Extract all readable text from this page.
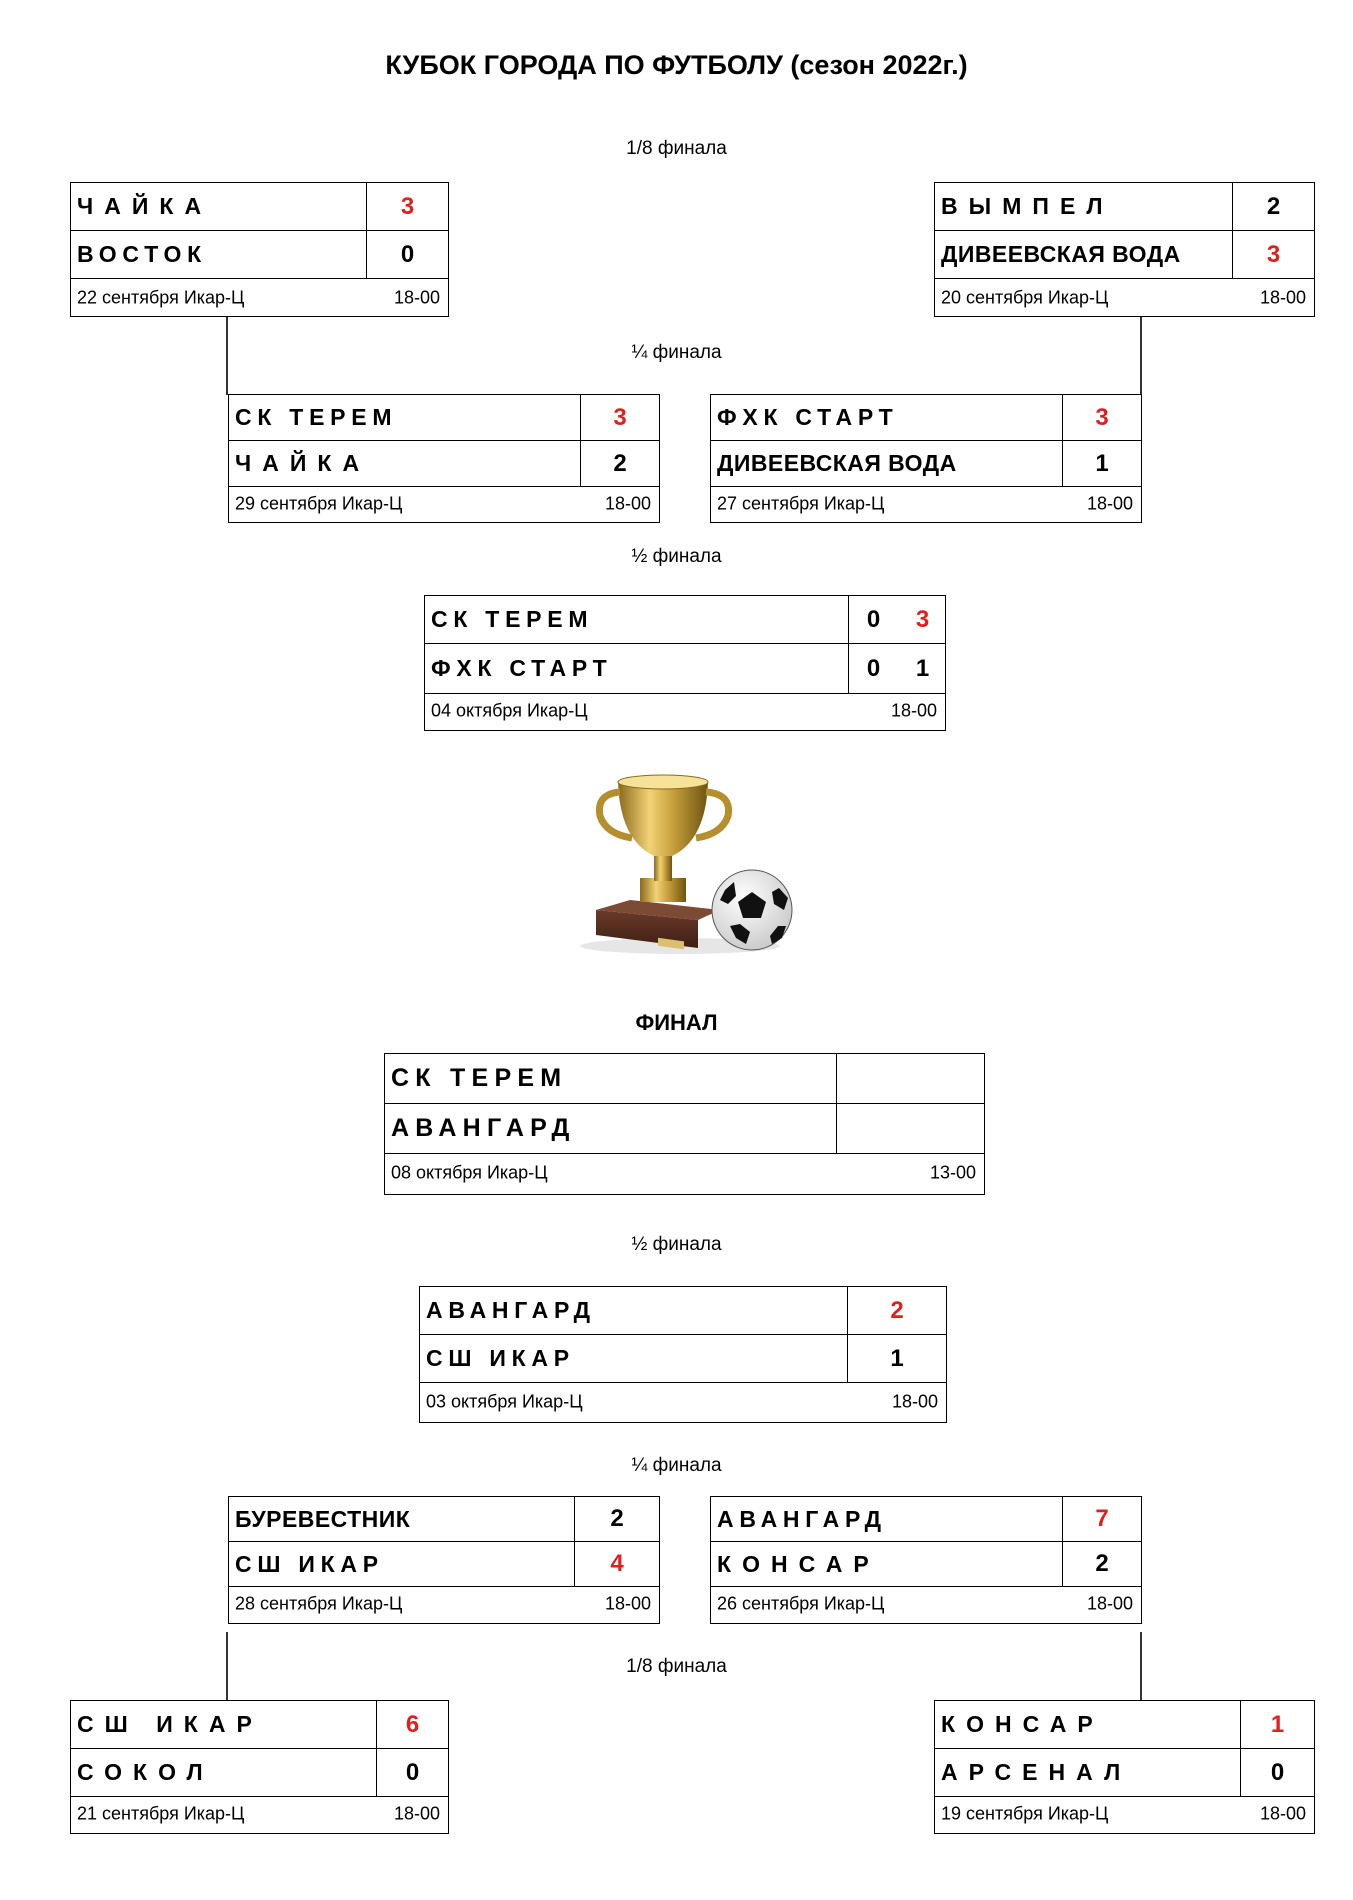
КУБОК ГОРОДА ПО ФУТБОЛУ (сезон 2022г.)
1/8 финала
¼ финала
½ финала
ФИНАЛ
½ финала
¼ финала
1/8 финала
ЧАЙКА	3
ВОСТОК	0
22 сентября Икар-Ц	18-00
ВЫМПЕЛ	2
ДИВЕЕВСКАЯ ВОДА	3
20 сентября Икар-Ц	18-00
СК ТЕРЕМ	3
ЧАЙКА	2
29 сентября Икар-Ц	18-00
ФХК СТАРТ	3
ДИВЕЕВСКАЯ ВОДА	1
27 сентября Икар-Ц	18-00
СК ТЕРЕМ	0	3
ФХК СТАРТ	0	1
04 октября Икар-Ц	18-00
СК ТЕРЕМ
АВАНГАРД
08 октября Икар-Ц	13-00
АВАНГАРД	2
СШ ИКАР	1
03 октября Икар-Ц	18-00
БУРЕВЕСТНИК	2
СШ ИКАР	4
28 сентября Икар-Ц	18-00
АВАНГАРД	7
КОНСАР	2
26 сентября Икар-Ц	18-00
СШ ИКАР	6
СОКОЛ	0
21 сентября Икар-Ц	18-00
КОНСАР	1
АРСЕНАЛ	0
19 сентября Икар-Ц	18-00
